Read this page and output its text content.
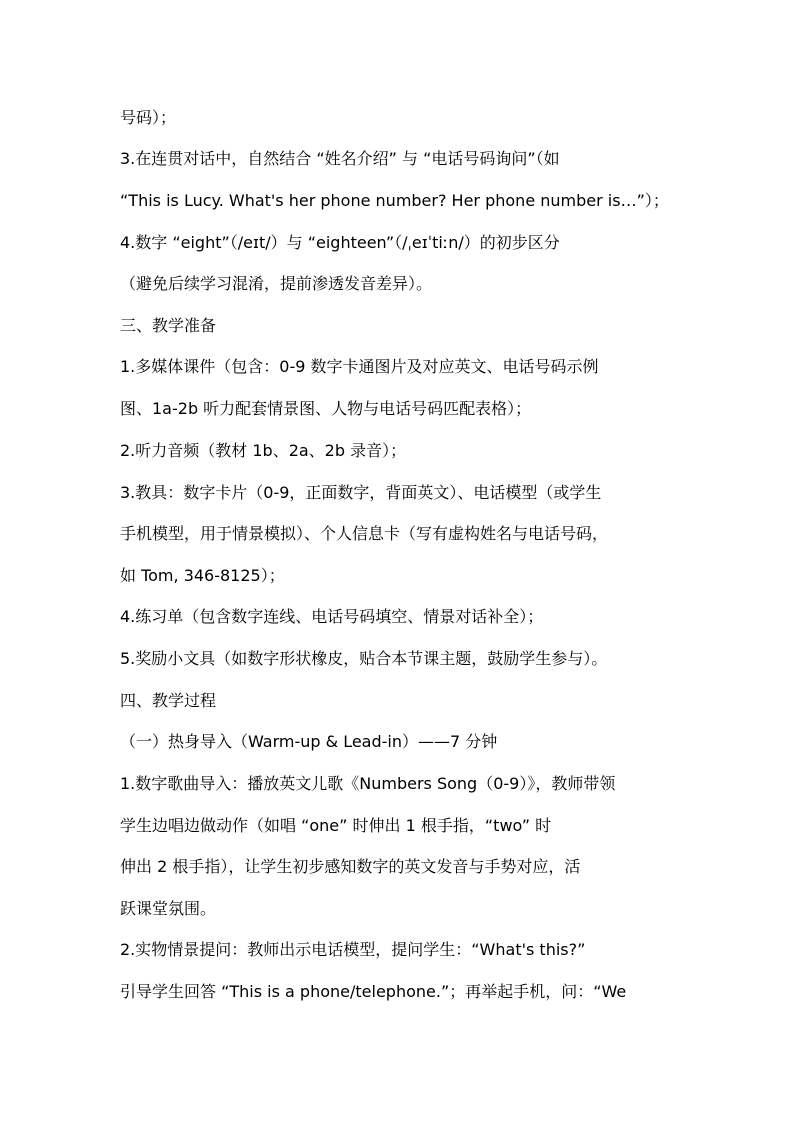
号码）；
3.在连贯对话中，自然结合 “姓名介绍” 与 “电话号码询问”（如
“This is Lucy. What's her phone number? Her phone number is…”）；
4.数字 “eight”（/eɪt/）与 “eighteen”（/ˌeɪˈtiːn/）的初步区分
（避免后续学习混淆，提前渗透发音差异）。
三、教学准备
1.多媒体课件（包含：0-9 数字卡通图片及对应英文、电话号码示例
图、1a-2b 听力配套情景图、人物与电话号码匹配表格）；
2.听力音频（教材 1b、2a、2b 录音）；
3.教具：数字卡片（0-9，正面数字，背面英文）、电话模型（或学生
手机模型，用于情景模拟）、个人信息卡（写有虚构姓名与电话号码，
如 Tom, 346-8125）；
4.练习单（包含数字连线、电话号码填空、情景对话补全）；
5.奖励小文具（如数字形状橡皮，贴合本节课主题，鼓励学生参与）。
四、教学过程
（一）热身导入（Warm-up & Lead-in）——7 分钟
1.数字歌曲导入：播放英文儿歌《Numbers Song（0-9）》，教师带领
学生边唱边做动作（如唱 “one” 时伸出 1 根手指，“two” 时
伸出 2 根手指），让学生初步感知数字的英文发音与手势对应，活
跃课堂氛围。
2.实物情景提问：教师出示电话模型，提问学生：“What's this?”
引导学生回答 “This is a phone/telephone.”；再举起手机，问：“We
